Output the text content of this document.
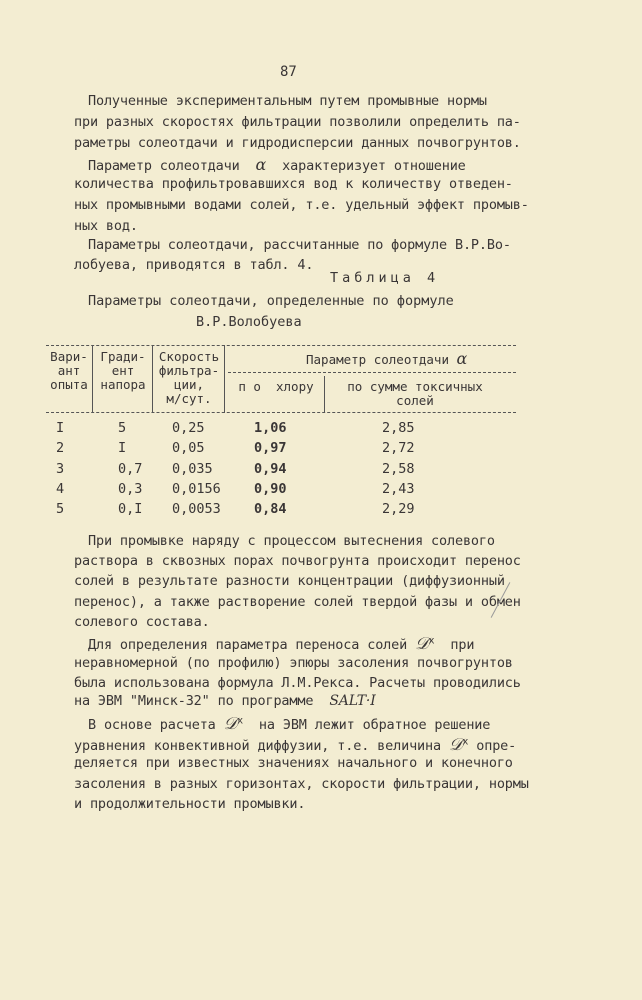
87
Полученные экспериментальным путем промывные нормы
при разных скоростях фильтрации позволили определить па-
раметры солеотдачи и гидродисперсии данных почвогрунтов.
Параметр солеотдачи α характеризует отношение
количества профильтровавшихся вод к количеству отведен-
ных промывными водами солей, т.е. удельный эффект промыв-
ных вод.
Параметры солеотдачи, рассчитанные по формуле В.Р.Во-
лобуева, приводятся в табл. 4.
Таблица 4
Параметры солеотдачи, определенные по формуле
В.Р.Волобуева
Вари-
ант
опыта
Гради-
ент
напора
Скорость
фильтра-
ции,
м/сут.
Параметр солеотдачи α
п о  хлору	по сумме токсичных
солей
I	5	0,25	1,06	2,85
2	I	0,05	0,97	2,72
3	0,7 0,035	0,94	2,58
4	0,3 0,0156 0,90	2,43
5	0,I 0,0053 0,84	2,29
При промывке наряду с процессом вытеснения солевого
раствора в сквозных порах почвогрунта происходит перенос
солей в результате разности концентрации (диффузионный
перенос), а также растворение солей твердой фазы и обмен
солевого состава.
Для определения параметра переноса солей 𝒟$^x$ при
неравномерной (по профилю) эпюры засоления почвогрунтов
была использована формула Л.М.Рекса. Расчеты проводились
на ЭВМ "Минск-32" по программе SALT·I
В основе расчета 𝒟$^x$ на ЭВМ лежит обратное решение
уравнения конвективной диффузии, т.е. величина 𝒟$^x$ опре-
деляется при известных значениях начального и конечного
засоления в разных горизонтах, скорости фильтрации, нормы
и продолжительности промывки.
